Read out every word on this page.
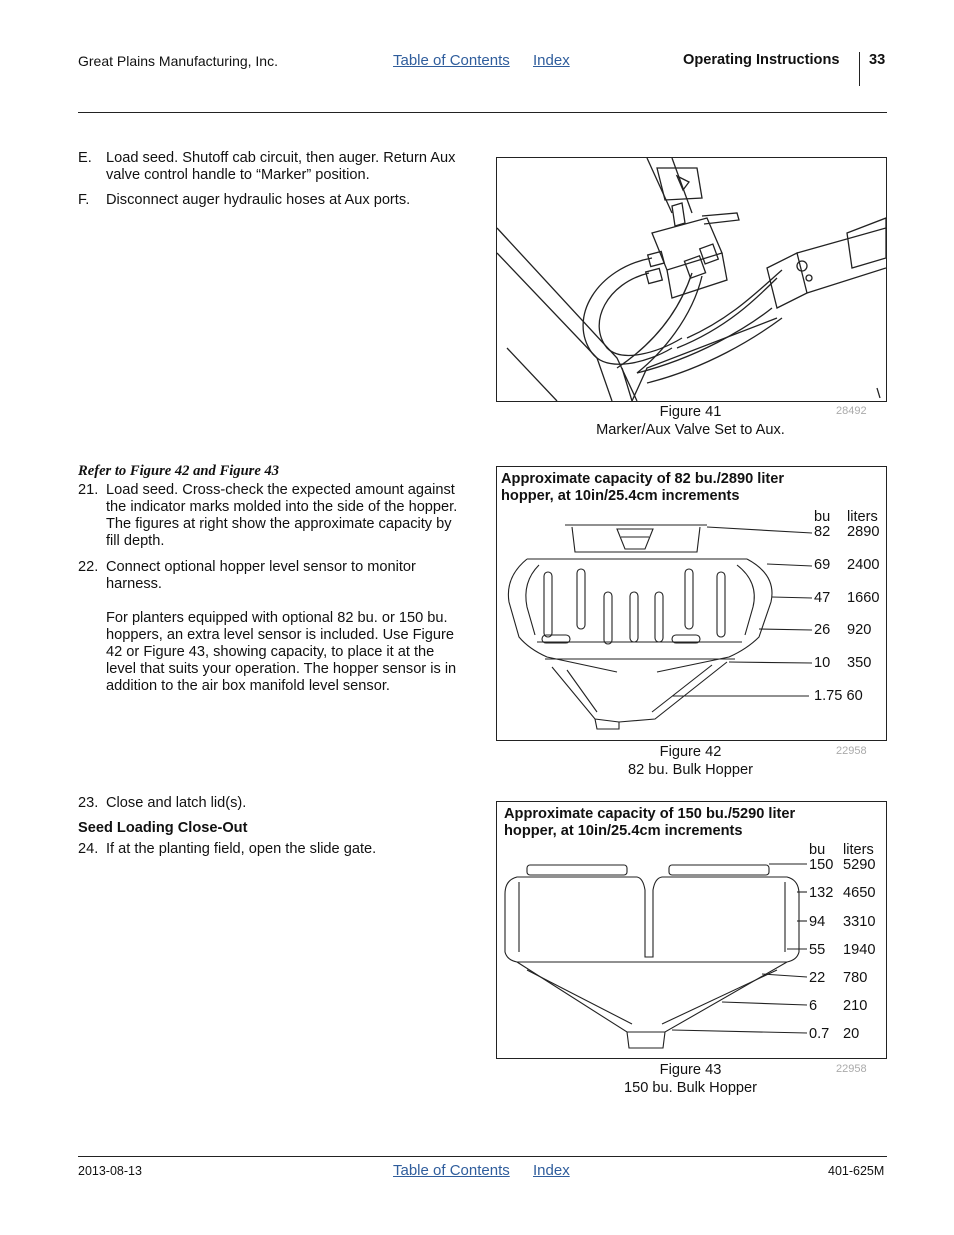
Great Plains Manufacturing, Inc.	Table of Contents Index	Operating Instructions 33
E. Load seed. Shutoff cab circuit, then auger. Return Aux valve control handle to “Marker” position.
F. Disconnect auger hydraulic hoses at Aux ports.
Figure 41
Marker/Aux Valve Set to Aux.
28492
Refer to Figure 42 and Figure 43
21. Load seed. Cross-check the expected amount against the indicator marks molded into the side of the hopper. The figures at right show the approximate capacity by fill depth.
22. Connect optional hopper level sensor to monitor harness.
For planters equipped with optional 82 bu. or 150 bu. hoppers, an extra level sensor is included. Use Figure 42 or Figure 43, showing capacity, to place it at the level that suits your operation. The hopper sensor is in addition to the air box manifold level sensor.
Approximate capacity of 82 bu./2890 liter hopper, at 10in/25.4cm increments
bu liters
82 2890
69 2400
47 1660
26 920
10 350
1.75 60
Figure 42
82 bu. Bulk Hopper
22958
23. Close and latch lid(s).
Seed Loading Close-Out
24. If at the planting field, open the slide gate.
Approximate capacity of 150 bu./5290 liter hopper, at 10in/25.4cm increments
bu liters
150 5290
132 4650
94 3310
55 1940
22 780
6 210
0.7 20
Figure 43
150 bu. Bulk Hopper
22958
2013-08-13	Table of Contents Index	401-625M
